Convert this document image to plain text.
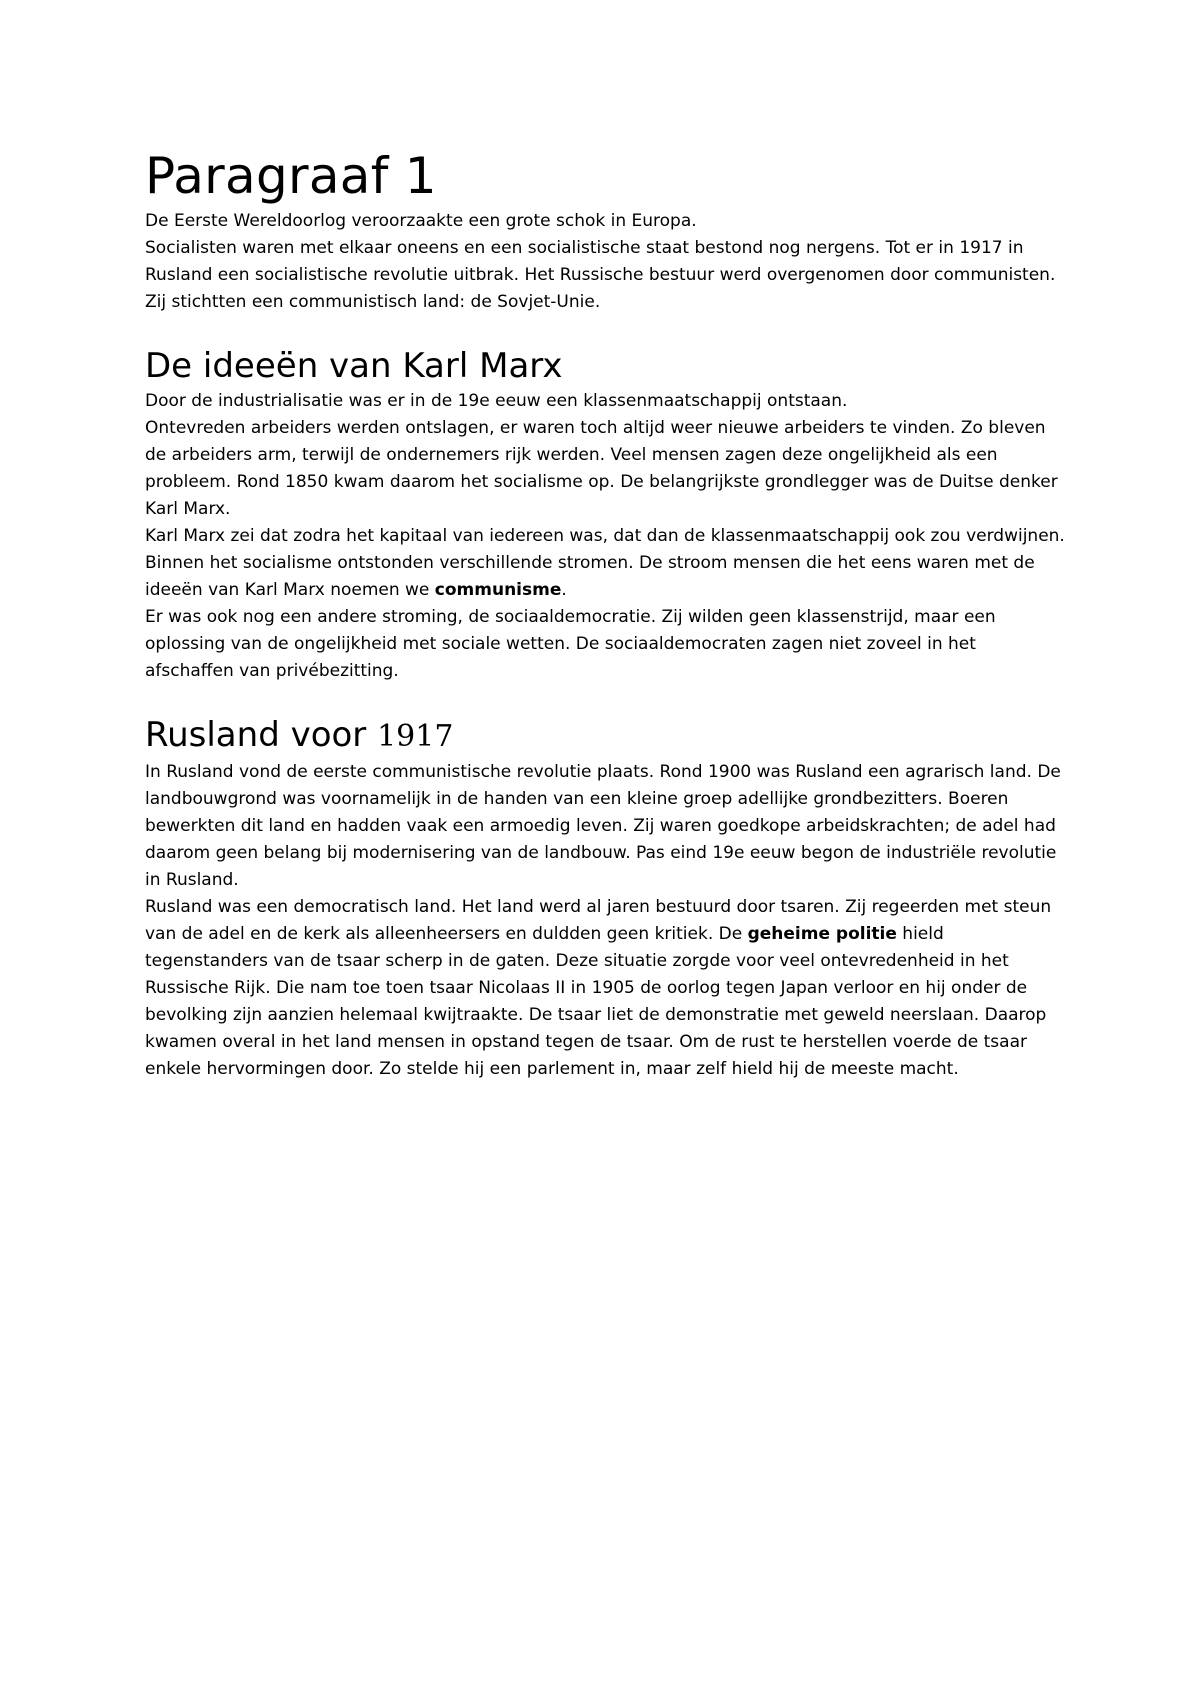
Paragraaf 1

De Eerste Wereldoorlog veroorzaakte een grote schok in Europa.

Socialisten waren met elkaar oneens en een socialistische staat bestond nog nergens. Tot er in 1917 in Rusland een socialistische revolutie uitbrak. Het Russische bestuur werd overgenomen door communisten. Zij stichtten een communistisch land: de Sovjet-Unie.

De ideeën van Karl Marx

Door de industrialisatie was er in de 19e eeuw een klassenmaatschappij ontstaan.

Ontevreden arbeiders werden ontslagen, er waren toch altijd weer nieuwe arbeiders te vinden. Zo bleven de arbeiders arm, terwijl de ondernemers rijk werden. Veel mensen zagen deze ongelijkheid als een probleem. Rond 1850 kwam daarom het socialisme op. De belangrijkste grondlegger was de Duitse denker Karl Marx.

Karl Marx zei dat zodra het kapitaal van iedereen was, dat dan de klassenmaatschappij ook zou verdwijnen.

Binnen het socialisme ontstonden verschillende stromen. De stroom mensen die het eens waren met de ideeën van Karl Marx noemen we communisme.

Er was ook nog een andere stroming, de sociaaldemocratie. Zij wilden geen klassenstrijd, maar een oplossing van de ongelijkheid met sociale wetten. De sociaaldemocraten zagen niet zoveel in het afschaffen van privébezitting.

Rusland voor 1917

In Rusland vond de eerste communistische revolutie plaats. Rond 1900 was Rusland een agrarisch land. De landbouwgrond was voornamelijk in de handen van een kleine groep adellijke grondbezitters. Boeren bewerkten dit land en hadden vaak een armoedig leven. Zij waren goedkope arbeidskrachten; de adel had daarom geen belang bij modernisering van de landbouw. Pas eind 19e eeuw begon de industriële revolutie in Rusland.

Rusland was een democratisch land. Het land werd al jaren bestuurd door tsaren. Zij regeerden met steun van de adel en de kerk als alleenheersers en duldden geen kritiek. De geheime politie hield tegenstanders van de tsaar scherp in de gaten. Deze situatie zorgde voor veel ontevredenheid in het Russische Rijk. Die nam toe toen tsaar Nicolaas II in 1905 de oorlog tegen Japan verloor en hij onder de bevolking zijn aanzien helemaal kwijtraakte. De tsaar liet de demonstratie met geweld neerslaan. Daarop kwamen overal in het land mensen in opstand tegen de tsaar. Om de rust te herstellen voerde de tsaar enkele hervormingen door. Zo stelde hij een parlement in, maar zelf hield hij de meeste macht.
